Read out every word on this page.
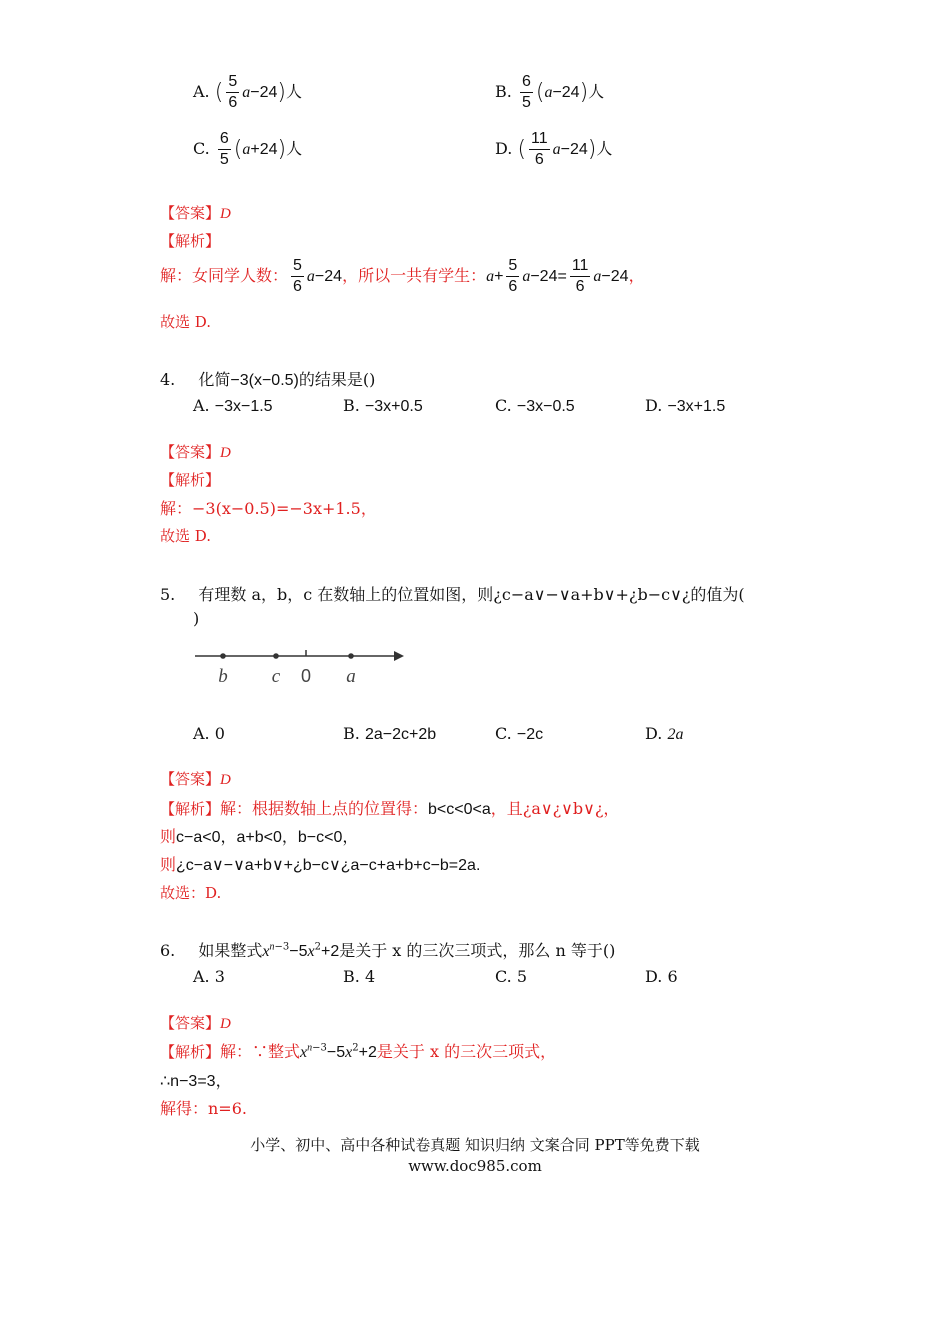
A. ( $\frac{5}{6} a-24$)人	B. $\frac{6}{5} (a-24)$人
C. $\frac{6}{5} (a+24)$人	D. ( $\frac{11}{6} a-24$)人
【答案】D
【解析】
解：女同学人数： $\frac{5}{6} a-24$，所以一共有学生：$a+ \frac{5}{6} a-24= \frac{11}{6} a-24$，
故选 D.
4. 化简−3(x−0.5)的结果是()
A. −3x−1.5	B. −3x+0.5	C. −3x−0.5	D. −3x+1.5
【答案】D
【解析】
解：−3(x−0.5)=−3x+1.5，
故选 D.
5. 有理数 a，b，c 在数轴上的位置如图，则¿c−a∨−∨a+b∨+¿b−c∨¿的值为(
)
b c 0 a
A. 0	B. 2a−2c+2b	C. −2c	D. 2a
【答案】D
【解析】解：根据数轴上点的位置得：b<c<0<a，且¿a∨¿∨b∨¿，
则c−a<0，a+b<0，b−c<0，
则¿c−a∨−∨a+b∨+¿b−c∨¿a−c+a+b+c−b=2a.
故选：D.
6. 如果整式$x^{n-3}-5x^2+2$是关于 x 的三次三项式，那么 n 等于()
A. 3	B. 4	C. 5	D. 6
【答案】D
【解析】解：∵整式$x^{n-3}-5x^2+2$是关于 x 的三次三项式，
∴n−3=3，
解得：n=6.
小学、初中、高中各种试卷真题 知识归纳 文案合同 PPT等免费下载
www.doc985.com
